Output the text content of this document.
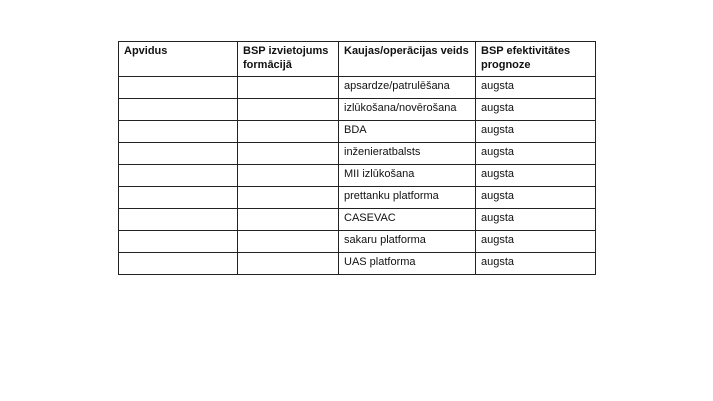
Apvidus	BSP izvietojums formācijā	Kaujas/operācijas veids	BSP efektivitātes prognoze
		apsardze/patrulēšana	augsta
		izlūkošana/novērošana	augsta
		BDA	augsta
		inženieratbalsts	augsta
		MII izlūkošana	augsta
		prettanku platforma	augsta
		CASEVAC	augsta
		sakaru platforma	augsta
		UAS platforma	augsta
